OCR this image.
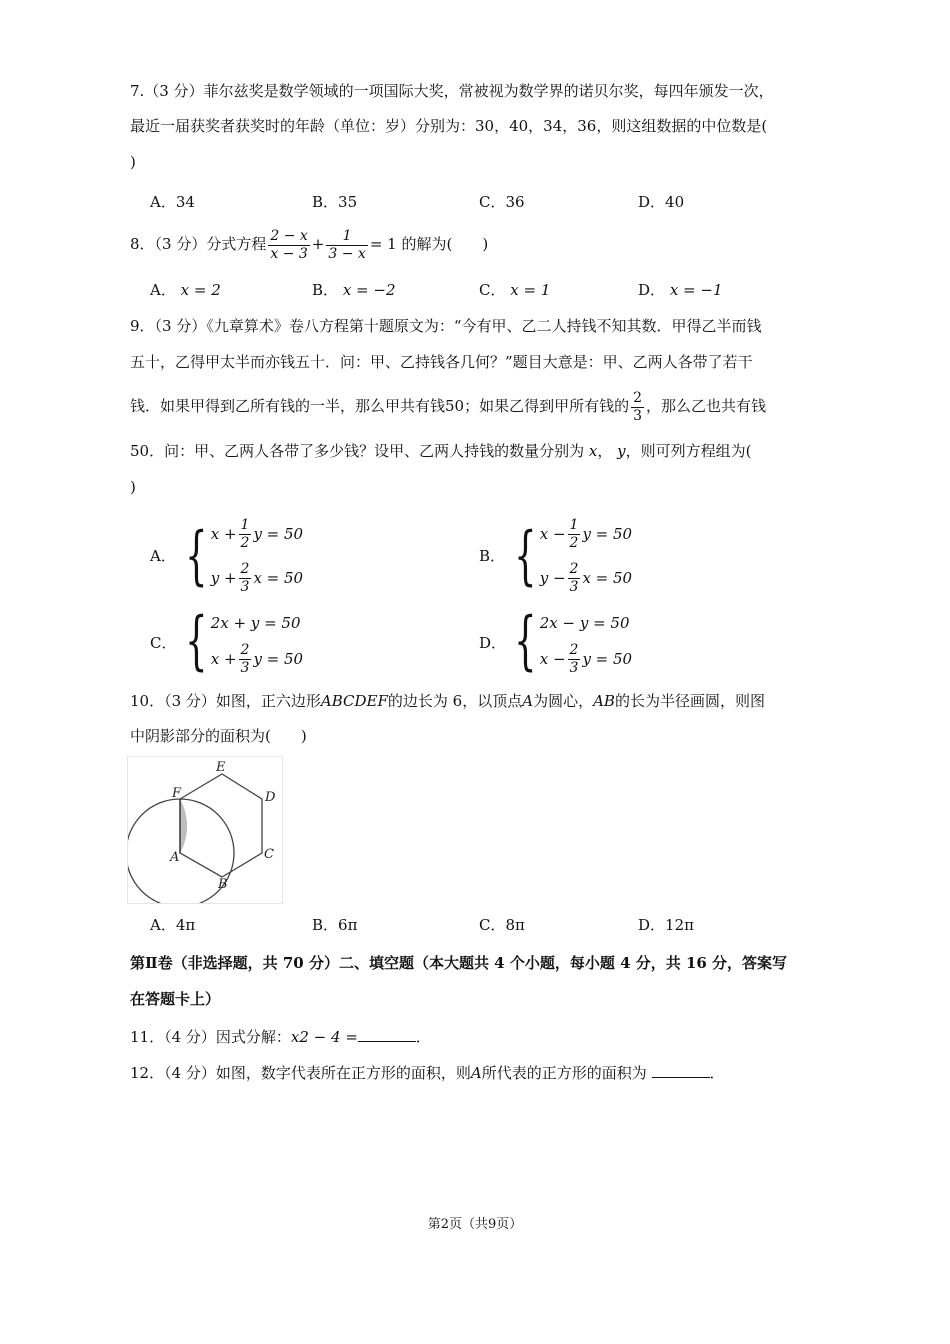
7.（3 分）菲尔兹奖是数学领域的一项国际大奖，常被视为数学界的诺贝尔奖，每四年颁发一次，
最近一届获奖者获奖时的年龄（单位：岁）分别为：30，40，34，36，则这组数据的中位数是(
)
A．34	B．35	C．36	D．40
8．（3 分）分式方程 $\frac{2 - x}{x - 3} + \frac{1}{3 - x} = 1$ 的解为(　　)
A． x = 2	B． x = −2	C． x = 1	D． x = −1
9．（3 分）《九章算术》卷八方程第十题原文为：“今有甲、乙二人持钱不知其数．甲得乙半而钱
五十，乙得甲太半而亦钱五十．问：甲、乙持钱各几何？”题目大意是：甲、乙两人各带了若干
钱．如果甲得到乙所有钱的一半，那么甲共有钱50；如果乙得到甲所有钱的 $\frac{2}{3}$ ，那么乙也共有钱
50．问：甲、乙两人各带了多少钱？设甲、乙两人持钱的数量分别为 x， y，则可列方程组为(
)
A． { $x + \frac{1}{2}$ y = 50
$y + \frac{2}{3}$ x = 50
B． { $x - \frac{1}{2}$ y = 50
$y - \frac{2}{3}$ x = 50
C． { 2x + y = 50
$x + \frac{2}{3}$ y = 50
D． { 2x − y = 50
$x - \frac{2}{3}$ y = 50
10．（3 分）如图，正六边形ABCDEF的边长为 6，以顶点A为圆心，AB的长为半径画圆，则图
中阴影部分的面积为(　　)
A
B
C
D
E
F
A．4π	B．6π	C．8π	D．12π
第Ⅱ卷（非选择题，共 70 分）二、填空题（本大题共 4 个小题，每小题 4 分，共 16 分，答案写
在答题卡上）
11．（4 分）因式分解：x2 − 4 =	．
12．（4 分）如图，数字代表所在正方形的面积，则A所代表的正方形的面积为	．
第2页（共9页）
